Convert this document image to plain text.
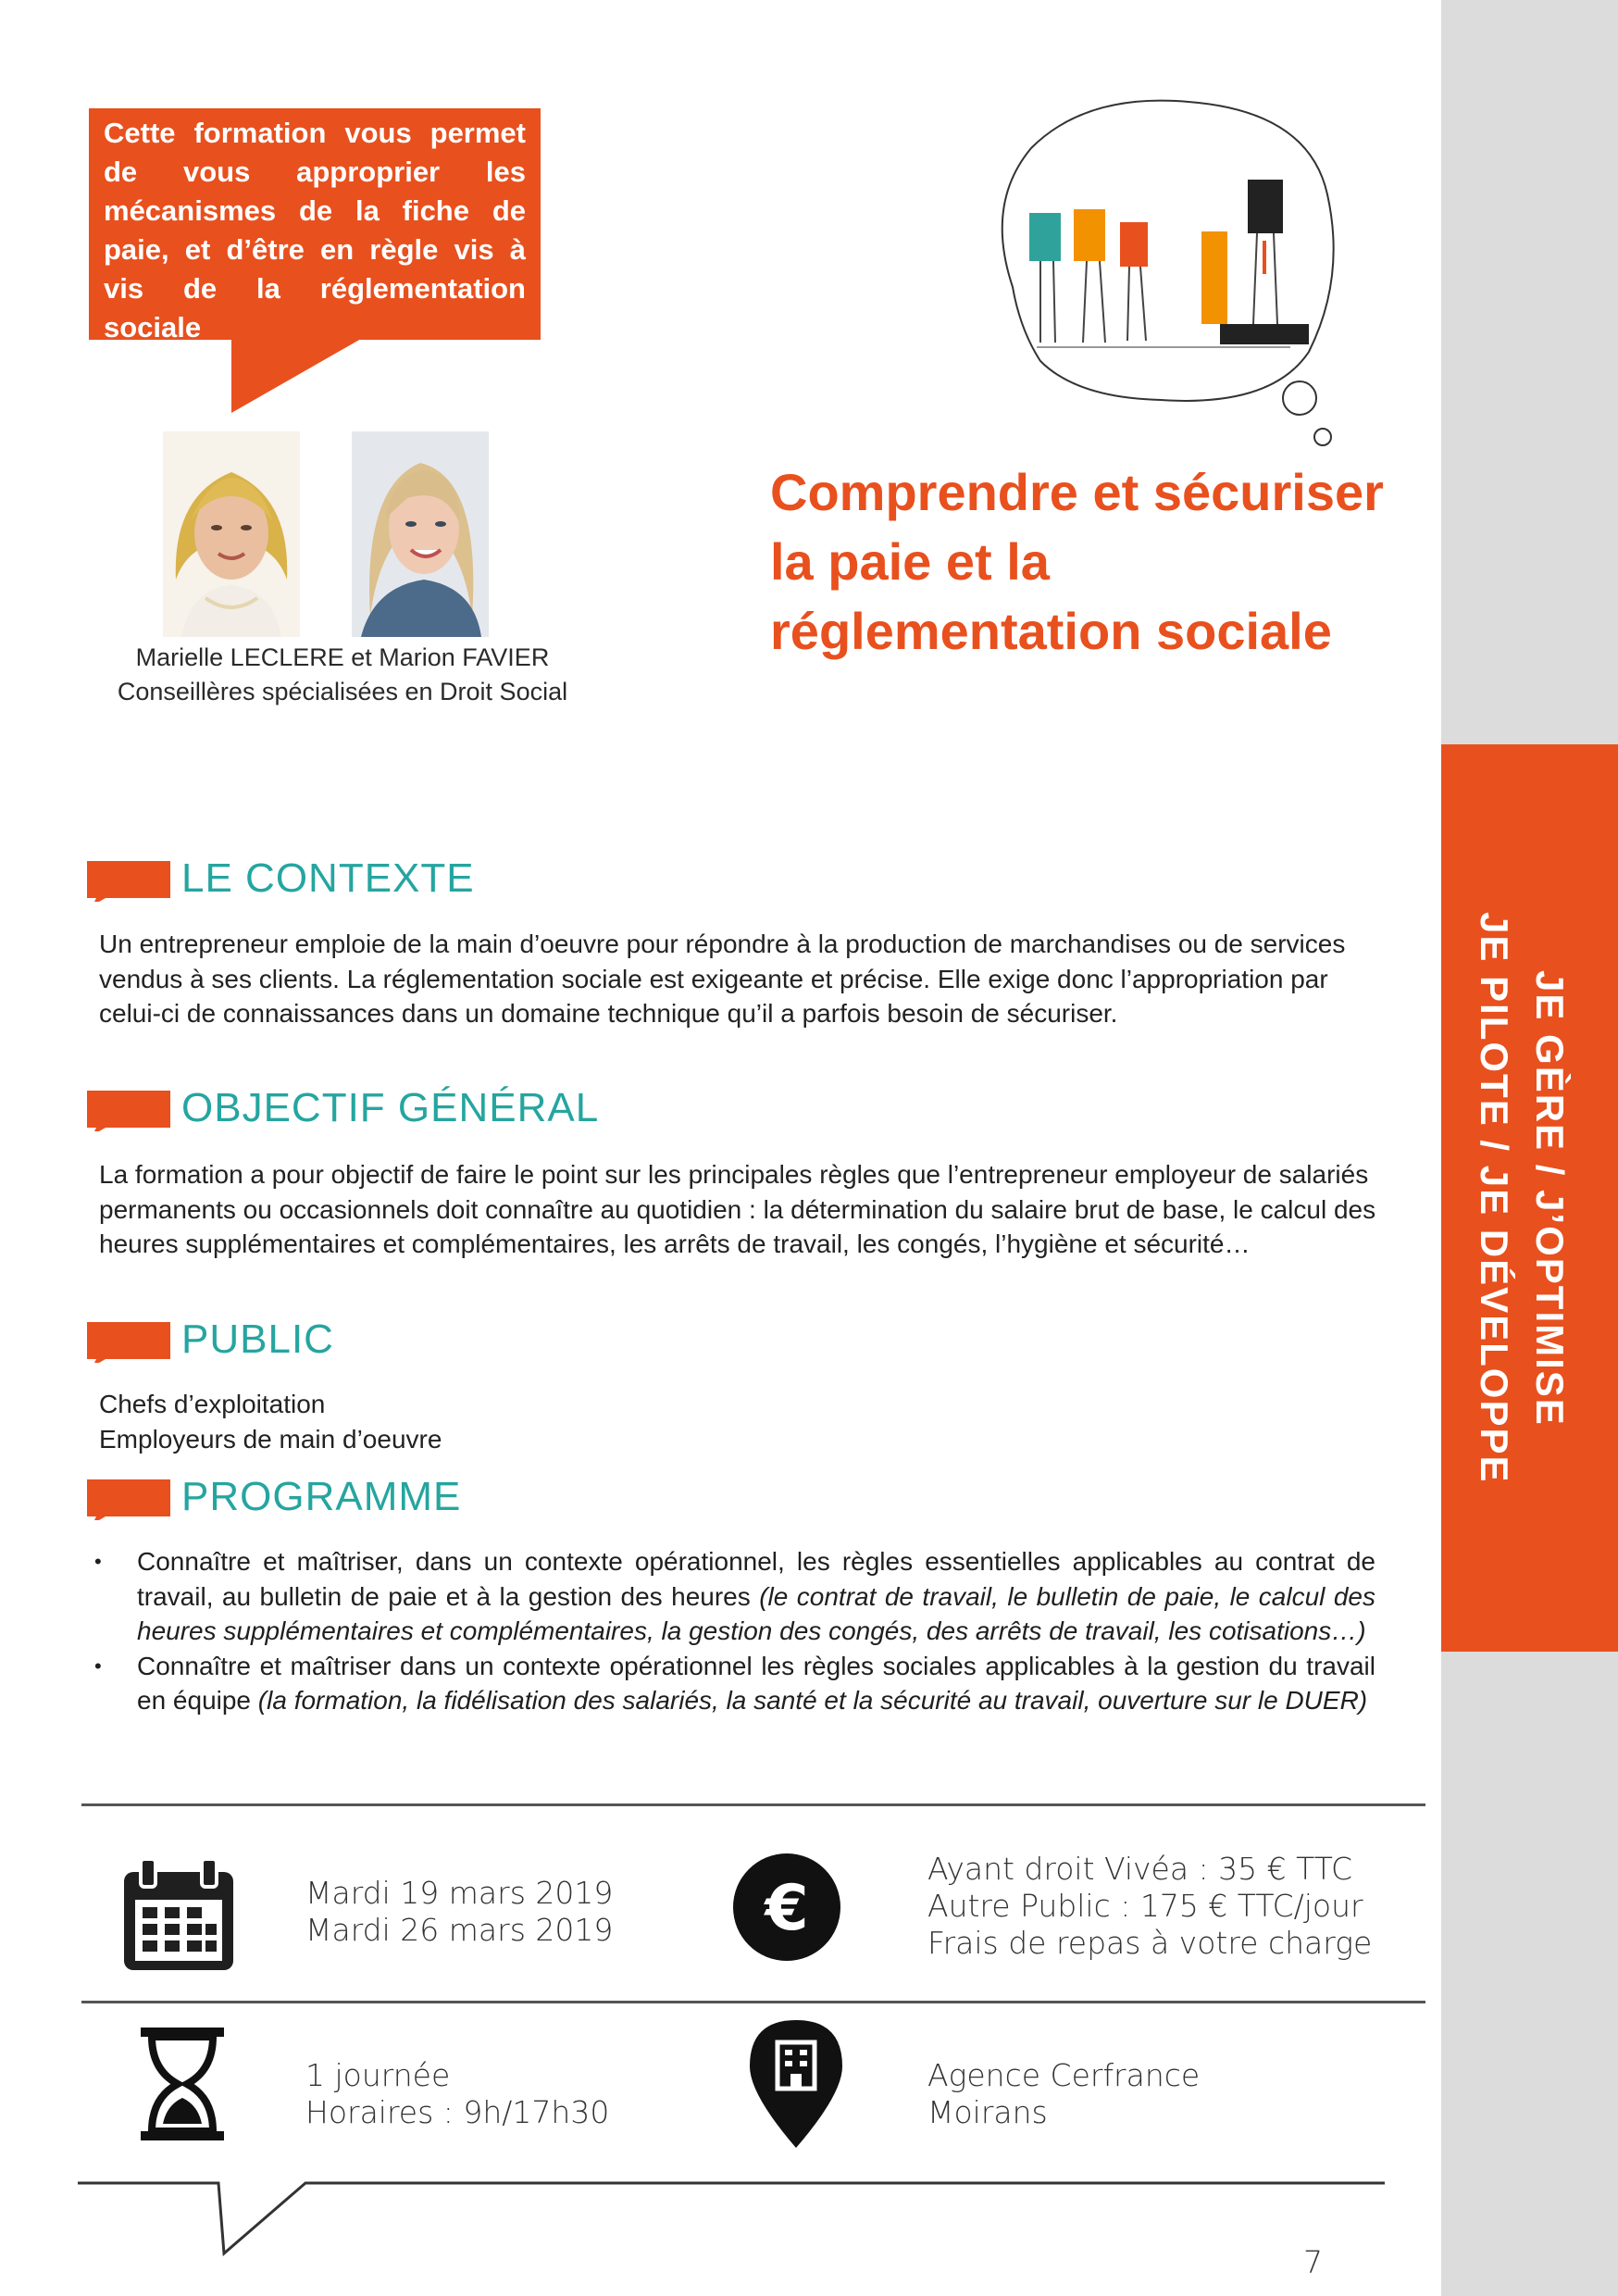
JE GÈRE / J’OPTIMISE
JE PILOTE / JE DÉVELOPPE
Cette formation vous permet de vous approprier les mécanismes de la fiche de paie, et d’être en règle vis à vis de la réglementation sociale
Marielle LECLERE et Marion FAVIER
Conseillères spécialisées en Droit Social
Comprendre et sécuriser la paie et la réglementation sociale
LE CONTEXTE
Un entrepreneur emploie de la main d’oeuvre pour répondre à la production de marchandises ou de services vendus à ses clients. La réglementation sociale est exigeante et précise. Elle exige donc l’appropriation par celui-ci de connaissances dans un domaine technique qu’il a parfois besoin de sécuriser.
OBJECTIF GÉNÉRAL
La formation a pour objectif de faire le point sur les principales règles que l’entrepreneur employeur de salariés permanents ou occasionnels doit connaître au quotidien : la détermination du salaire brut de base, le calcul des heures supplémentaires et complémentaires, les arrêts de travail, les congés, l’hygiène et sécurité…
PUBLIC
Chefs d’exploitation
Employeurs de main d’oeuvre
PROGRAMME
• Connaître et maîtriser, dans un contexte opérationnel, les règles essentielles applicables au contrat de travail, au bulletin de paie et à la gestion des heures (le contrat de travail, le bulletin de paie, le calcul des heures supplémentaires et complémentaires, la gestion des congés, des arrêts de travail, les cotisations…)
• Connaître et maîtriser dans un contexte opérationnel les règles sociales applicables à la gestion du travail en équipe (la formation, la fidélisation des salariés, la santé et la sécurité au travail, ouverture sur le DUER)
Mardi 19 mars 2019
Mardi 26 mars 2019 €
Ayant droit Vivéa : 35 € TTC
Autre Public : 175 € TTC/jour
Frais de repas à votre charge
1 journée
Horaires : 9h/17h30
Agence Cerfrance
Moirans
7
